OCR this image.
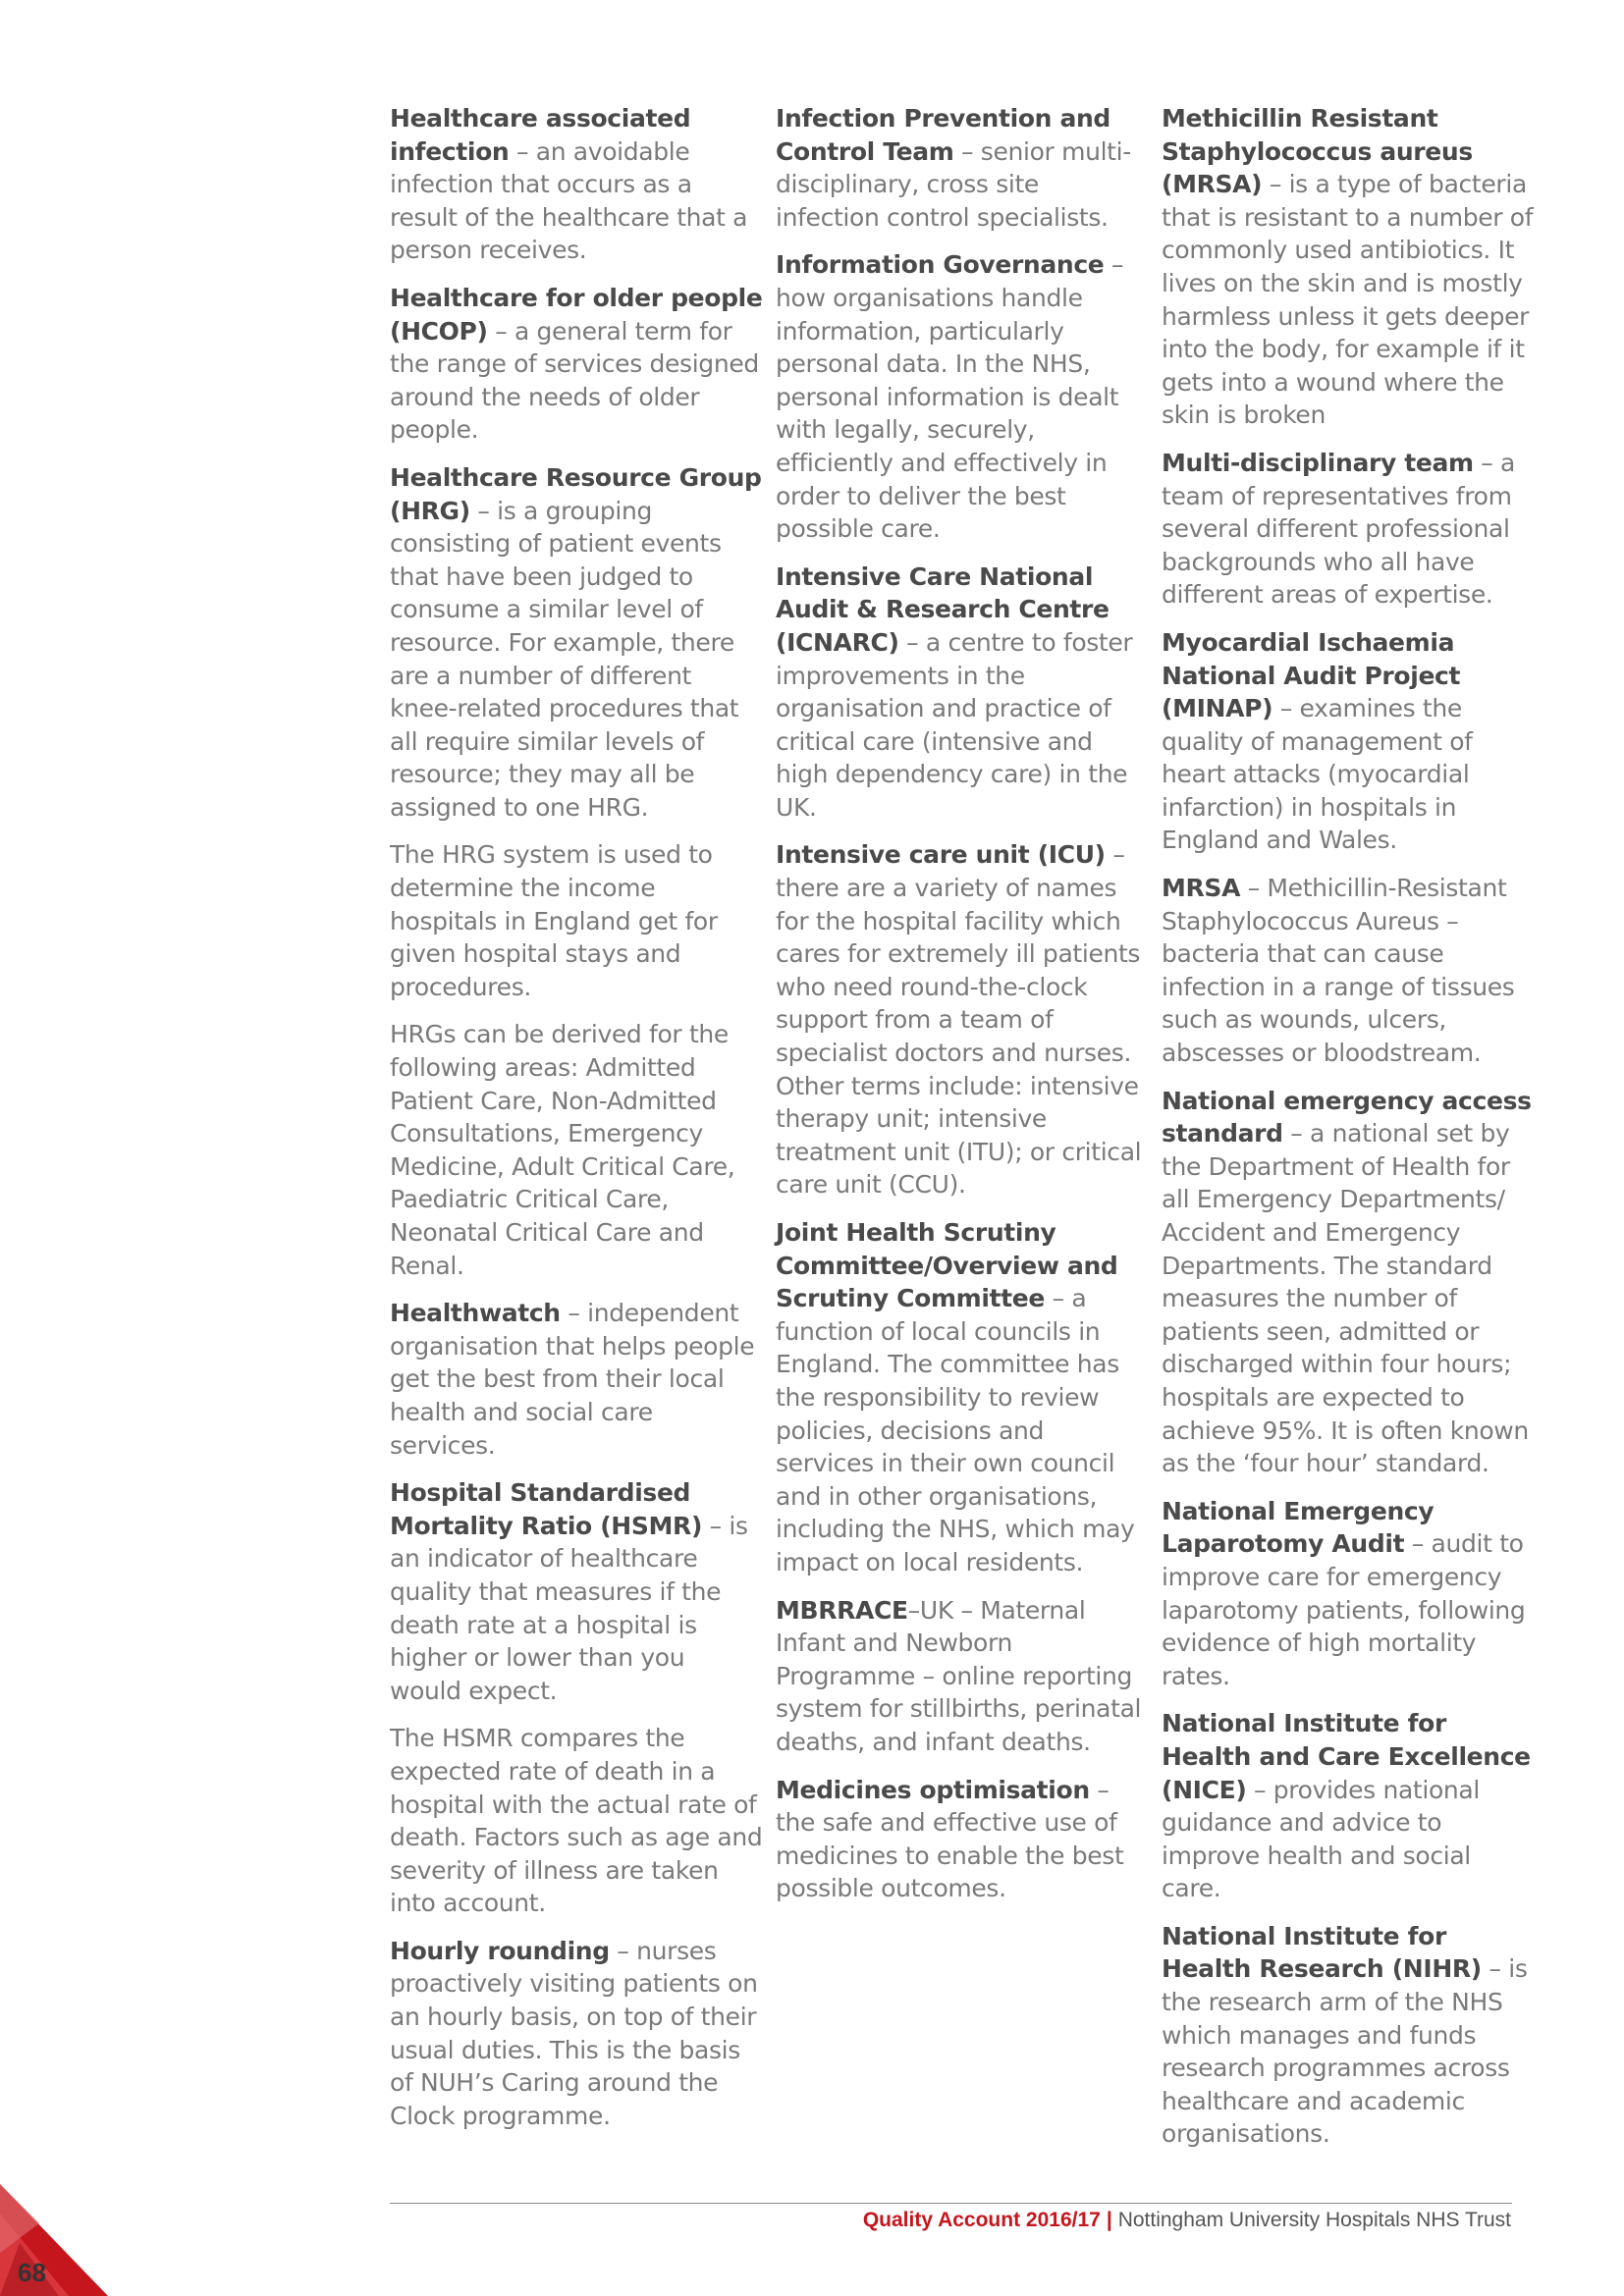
Healthcare associated infection – an avoidable infection that occurs as a result of the healthcare that a person receives.

Healthcare for older people (HCOP) – a general term for the range of services designed around the needs of older people.

Healthcare Resource Group (HRG) – is a grouping consisting of patient events that have been judged to consume a similar level of resource. For example, there are a number of different knee-related procedures that all require similar levels of resource; they may all be assigned to one HRG.

The HRG system is used to determine the income hospitals in England get for given hospital stays and procedures.

HRGs can be derived for the following areas: Admitted Patient Care, Non-Admitted Consultations, Emergency Medicine, Adult Critical Care, Paediatric Critical Care, Neonatal Critical Care and Renal.

Healthwatch – independent organisation that helps people get the best from their local health and social care services.

Hospital Standardised Mortality Ratio (HSMR) – is an indicator of healthcare quality that measures if the death rate at a hospital is higher or lower than you would expect.

The HSMR compares the expected rate of death in a hospital with the actual rate of death. Factors such as age and severity of illness are taken into account.

Hourly rounding – nurses proactively visiting patients on an hourly basis, on top of their usual duties. This is the basis of NUH’s Caring around the Clock programme.

Infection Prevention and Control Team – senior multi-disciplinary, cross site infection control specialists.

Information Governance – how organisations handle information, particularly personal data. In the NHS, personal information is dealt with legally, securely, efficiently and effectively in order to deliver the best possible care.

Intensive Care National Audit & Research Centre (ICNARC) – a centre to foster improvements in the organisation and practice of critical care (intensive and high dependency care) in the UK.

Intensive care unit (ICU) – there are a variety of names for the hospital facility which cares for extremely ill patients who need round-the-clock support from a team of specialist doctors and nurses. Other terms include: intensive therapy unit; intensive treatment unit (ITU); or critical care unit (CCU).

Joint Health Scrutiny Committee/Overview and Scrutiny Committee – a function of local councils in England. The committee has the responsibility to review policies, decisions and services in their own council and in other organisations, including the NHS, which may impact on local residents.

MBRRACE–UK – Maternal Infant and Newborn Programme – online reporting system for stillbirths, perinatal deaths, and infant deaths.

Medicines optimisation – the safe and effective use of medicines to enable the best possible outcomes.

Methicillin Resistant Staphylococcus aureus (MRSA) – is a type of bacteria that is resistant to a number of commonly used antibiotics. It lives on the skin and is mostly harmless unless it gets deeper into the body, for example if it gets into a wound where the skin is broken

Multi-disciplinary team – a team of representatives from several different professional backgrounds who all have different areas of expertise.

Myocardial Ischaemia National Audit Project (MINAP) – examines the quality of management of heart attacks (myocardial infarction) in hospitals in England and Wales.

MRSA – Methicillin-Resistant Staphylococcus Aureus – bacteria that can cause infection in a range of tissues such as wounds, ulcers, abscesses or bloodstream.

National emergency access standard – a national set by the Department of Health for all Emergency Departments/ Accident and Emergency Departments. The standard measures the number of patients seen, admitted or discharged within four hours; hospitals are expected to achieve 95%. It is often known as the ‘four hour’ standard.

National Emergency Laparotomy Audit – audit to improve care for emergency laparotomy patients, following evidence of high mortality rates.

National Institute for Health and Care Excellence (NICE) – provides national guidance and advice to improve health and social care.

National Institute for Health Research (NIHR) – is the research arm of the NHS which manages and funds research programmes across healthcare and academic organisations.

Quality Account 2016/17 | Nottingham University Hospitals NHS Trust
68
